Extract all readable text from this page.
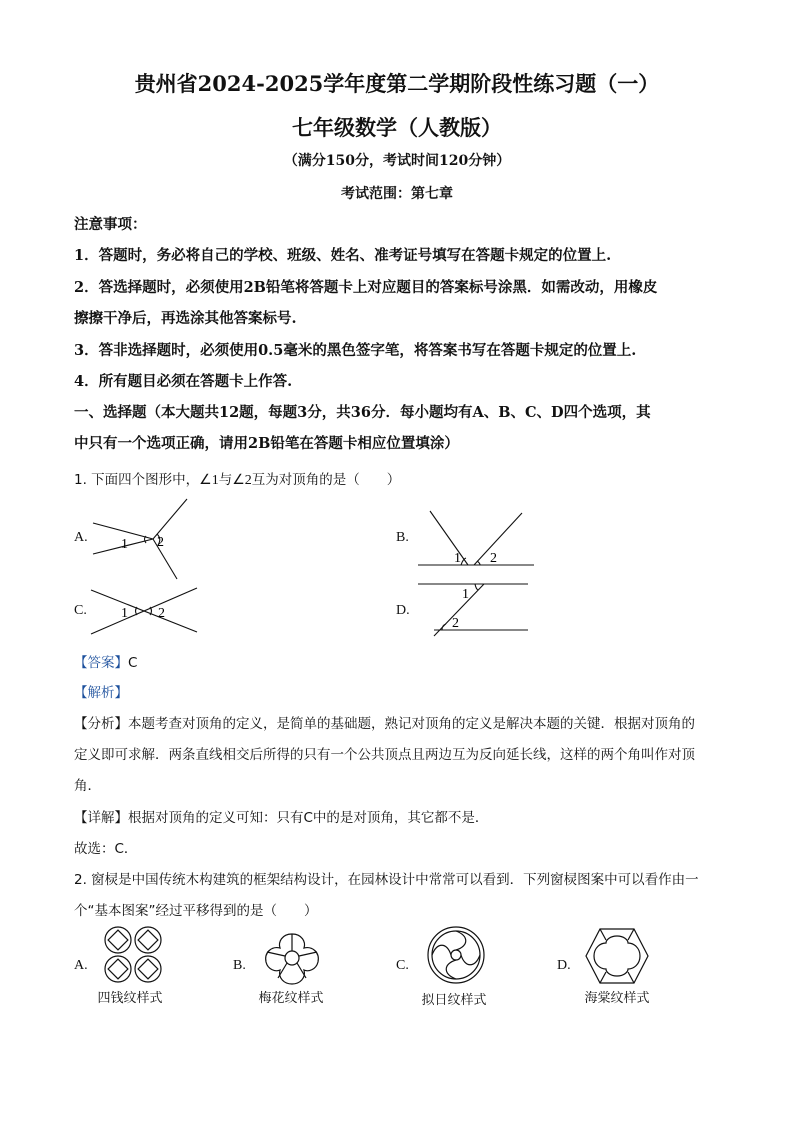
贵州省2024-2025学年度第二学期阶段性练习题（一）
七年级数学（人教版）
（满分150分，考试时间120分钟）
考试范围：第七章
注意事项：
1．答题时，务必将自己的学校、班级、姓名、准考证号填写在答题卡规定的位置上.
2．答选择题时，必须使用2B铅笔将答题卡上对应题目的答案标号涂黑．如需改动，用橡皮
擦擦干净后，再选涂其他答案标号.
3．答非选择题时，必须使用0.5毫米的黑色签字笔，将答案书写在答题卡规定的位置上.
4．所有题目必须在答题卡上作答.
一、选择题（本大题共12题，每题3分，共36分．每小题均有A、B、C、D四个选项，其
中只有一个选项正确，请用2B铅笔在答题卡相应位置填涂）
1. 下面四个图形中，∠1与∠2互为对顶角的是（　　）
A.	B.
C.	D.
1 2
1 2
1 2
1
2
【答案】C
【解析】
【分析】本题考查对顶角的定义，是简单的基础题，熟记对顶角的定义是解决本题的关键．根据对顶角的
定义即可求解．两条直线相交后所得的只有一个公共顶点且两边互为反向延长线，这样的两个角叫作对顶
角．
【详解】根据对顶角的定义可知：只有C中的是对顶角，其它都不是．
故选：C．
2. 窗棂是中国传统木构建筑的框架结构设计，在园林设计中常常可以看到．下列窗棂图案中可以看作由一
个“基本图案”经过平移得到的是（　　）
A.	B.	C.	D.
四钱纹样式	梅花纹样式	拟日纹样式	海棠纹样式
